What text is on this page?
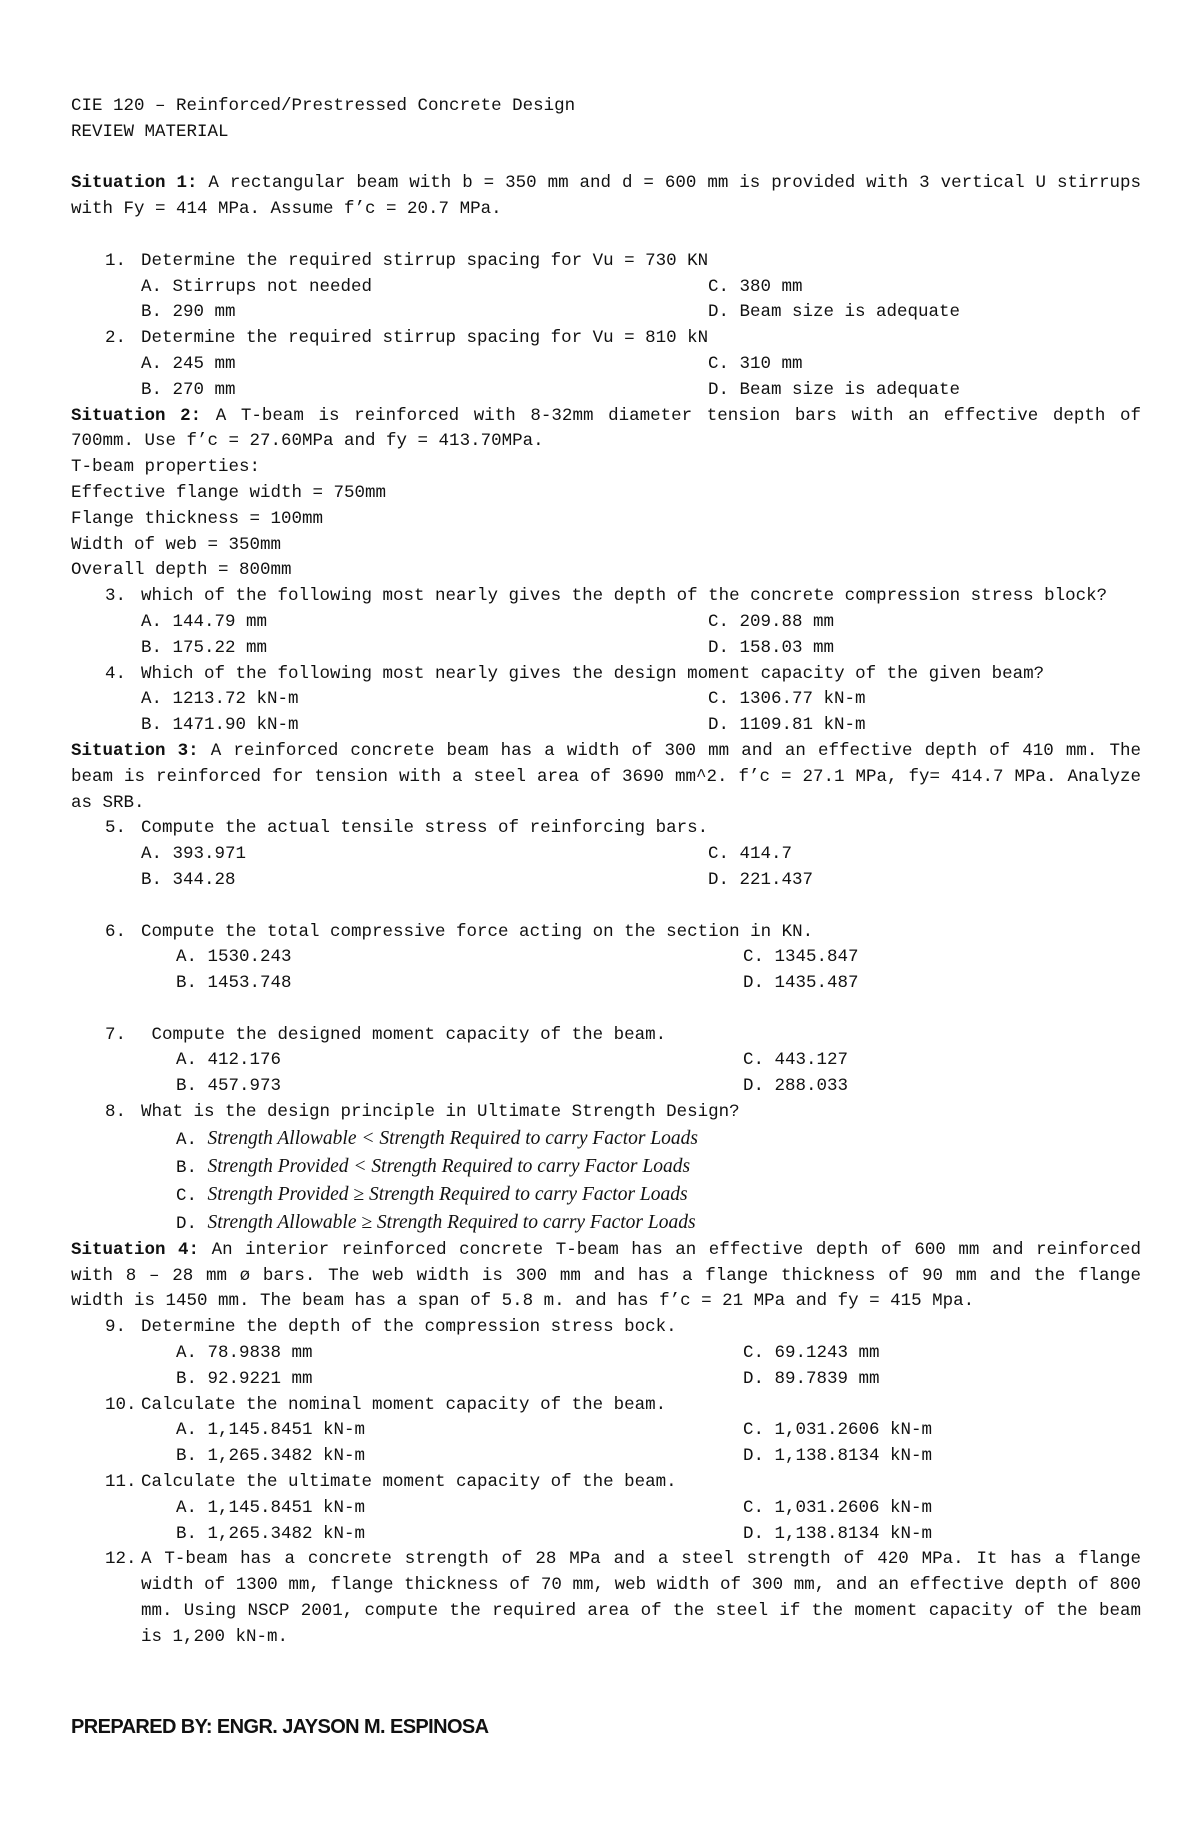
CIE 120 – Reinforced/Prestressed Concrete Design
REVIEW MATERIAL
Situation 1: A rectangular beam with b = 350 mm and d = 600 mm is provided with 3 vertical U stirrups with Fy = 414 MPa. Assume f’c = 20.7 MPa.
1. Determine the required stirrup spacing for Vu = 730 KN
A. Stirrups not needed	C. 380 mm
B. 290 mm	D. Beam size is adequate
2. Determine the required stirrup spacing for Vu = 810 kN
A. 245 mm	C. 310 mm
B. 270 mm	D. Beam size is adequate
Situation 2: A T-beam is reinforced with 8-32mm diameter tension bars with an effective depth of 700mm. Use f’c = 27.60MPa and fy = 413.70MPa.
T-beam properties:
Effective flange width = 750mm
Flange thickness = 100mm
Width of web = 350mm
Overall depth = 800mm
3. which of the following most nearly gives the depth of the concrete compression stress block?
A. 144.79 mm	C. 209.88 mm
B. 175.22 mm	D. 158.03 mm
4. Which of the following most nearly gives the design moment capacity of the given beam?
A. 1213.72 kN-m	C. 1306.77 kN-m
B. 1471.90 kN-m	D. 1109.81 kN-m
Situation 3: A reinforced concrete beam has a width of 300 mm and an effective depth of 410 mm. The beam is reinforced for tension with a steel area of 3690 mm^2. f’c = 27.1 MPa, fy= 414.7 MPa. Analyze as SRB.
5. Compute the actual tensile stress of reinforcing bars.
A. 393.971	C. 414.7
B. 344.28	D. 221.437
6. Compute the total compressive force acting on the section in KN.
A. 1530.243	C. 1345.847
B. 1453.748	D. 1435.487
7. Compute the designed moment capacity of the beam.
A. 412.176	C. 443.127
B. 457.973	D. 288.033
8. What is the design principle in Ultimate Strength Design?
A. Strength Allowable < Strength Required to carry Factor Loads
B. Strength Provided < Strength Required to carry Factor Loads
C. Strength Provided ≥ Strength Required to carry Factor Loads
D. Strength Allowable ≥ Strength Required to carry Factor Loads
Situation 4: An interior reinforced concrete T-beam has an effective depth of 600 mm and reinforced with 8 – 28 mm ø bars. The web width is 300 mm and has a flange thickness of 90 mm and the flange width is 1450 mm. The beam has a span of 5.8 m. and has f’c = 21 MPa and fy = 415 Mpa.
9. Determine the depth of the compression stress bock.
A. 78.9838 mm	C. 69.1243 mm
B. 92.9221 mm	D. 89.7839 mm
10. Calculate the nominal moment capacity of the beam.
A. 1,145.8451 kN-m	C. 1,031.2606 kN-m
B. 1,265.3482 kN-m	D. 1,138.8134 kN-m
11. Calculate the ultimate moment capacity of the beam.
A. 1,145.8451 kN-m	C. 1,031.2606 kN-m
B. 1,265.3482 kN-m	D. 1,138.8134 kN-m
12. A T-beam has a concrete strength of 28 MPa and a steel strength of 420 MPa. It has a flange width of 1300 mm, flange thickness of 70 mm, web width of 300 mm, and an effective depth of 800 mm. Using NSCP 2001, compute the required area of the steel if the moment capacity of the beam is 1,200 kN-m.
PREPARED BY: ENGR. JAYSON M. ESPINOSA
